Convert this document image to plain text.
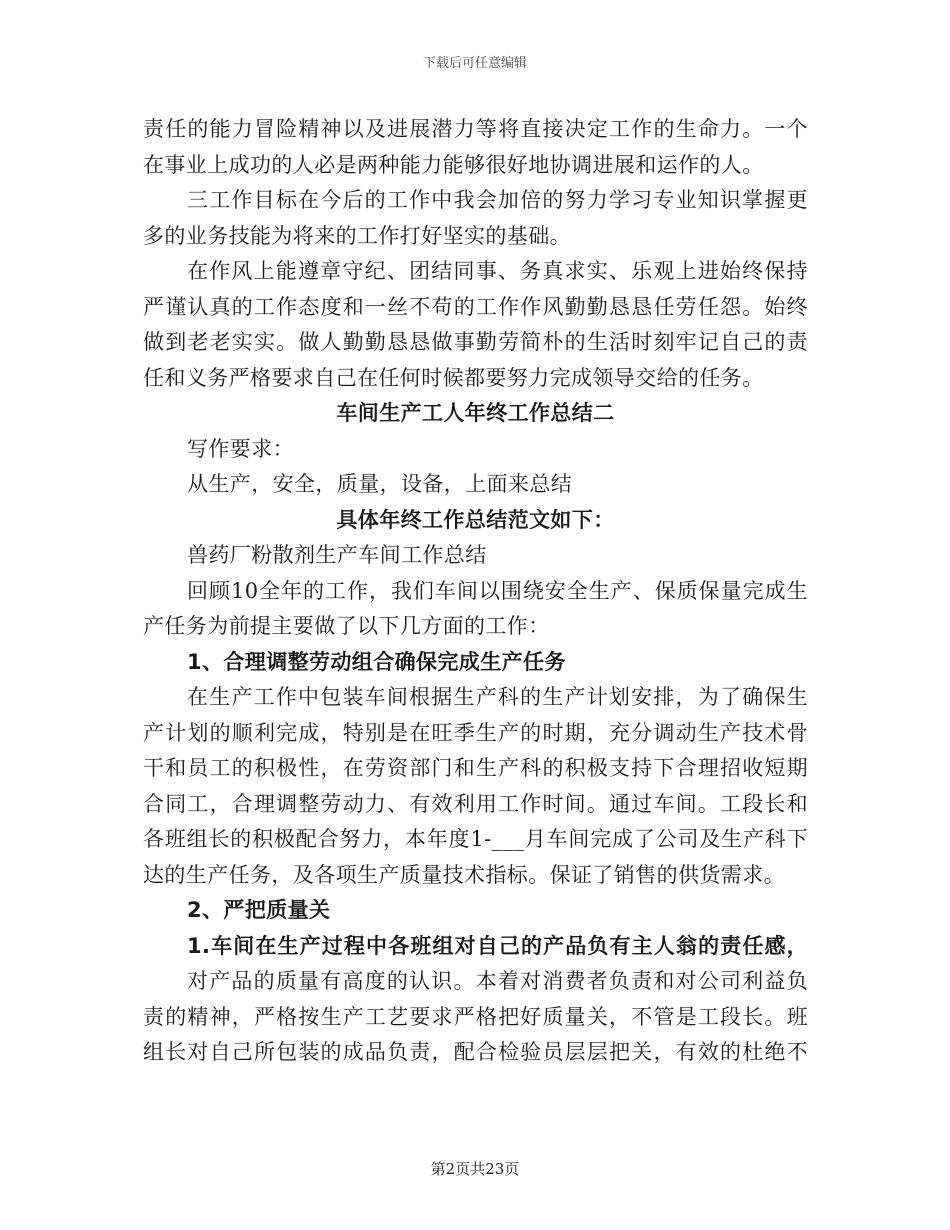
下载后可任意编辑
责任的能力冒险精神以及进展潜力等将直接决定工作的生命力。一个
在事业上成功的人必是两种能力能够很好地协调进展和运作的人。
三工作目标在今后的工作中我会加倍的努力学习专业知识掌握更
多的业务技能为将来的工作打好坚实的基础。
在作风上能遵章守纪、团结同事、务真求实、乐观上进始终保持
严谨认真的工作态度和一丝不苟的工作作风勤勤恳恳任劳任怨。始终
做到老老实实。做人勤勤恳恳做事勤劳简朴的生活时刻牢记自己的责
任和义务严格要求自己在任何时候都要努力完成领导交给的任务。
车间生产工人年终工作总结二
写作要求：
从生产，安全，质量，设备，上面来总结
具体年终工作总结范文如下：
兽药厂粉散剂生产车间工作总结
回顾10全年的工作，我们车间以围绕安全生产、保质保量完成生
产任务为前提主要做了以下几方面的工作：
1、合理调整劳动组合确保完成生产任务
在生产工作中包装车间根据生产科的生产计划安排，为了确保生
产计划的顺利完成，特别是在旺季生产的时期，充分调动生产技术骨
干和员工的积极性，在劳资部门和生产科的积极支持下合理招收短期
合同工，合理调整劳动力、有效利用工作时间。通过车间。工段长和
各班组长的积极配合努力，本年度1-___月车间完成了公司及生产科下
达的生产任务，及各项生产质量技术指标。保证了销售的供货需求。
2、严把质量关
1.车间在生产过程中各班组对自己的产品负有主人翁的责任感，
对产品的质量有高度的认识。本着对消费者负责和对公司利益负
责的精神，严格按生产工艺要求严格把好质量关，不管是工段长。班
组长对自己所包装的成品负责，配合检验员层层把关，有效的杜绝不
第2页共23页
